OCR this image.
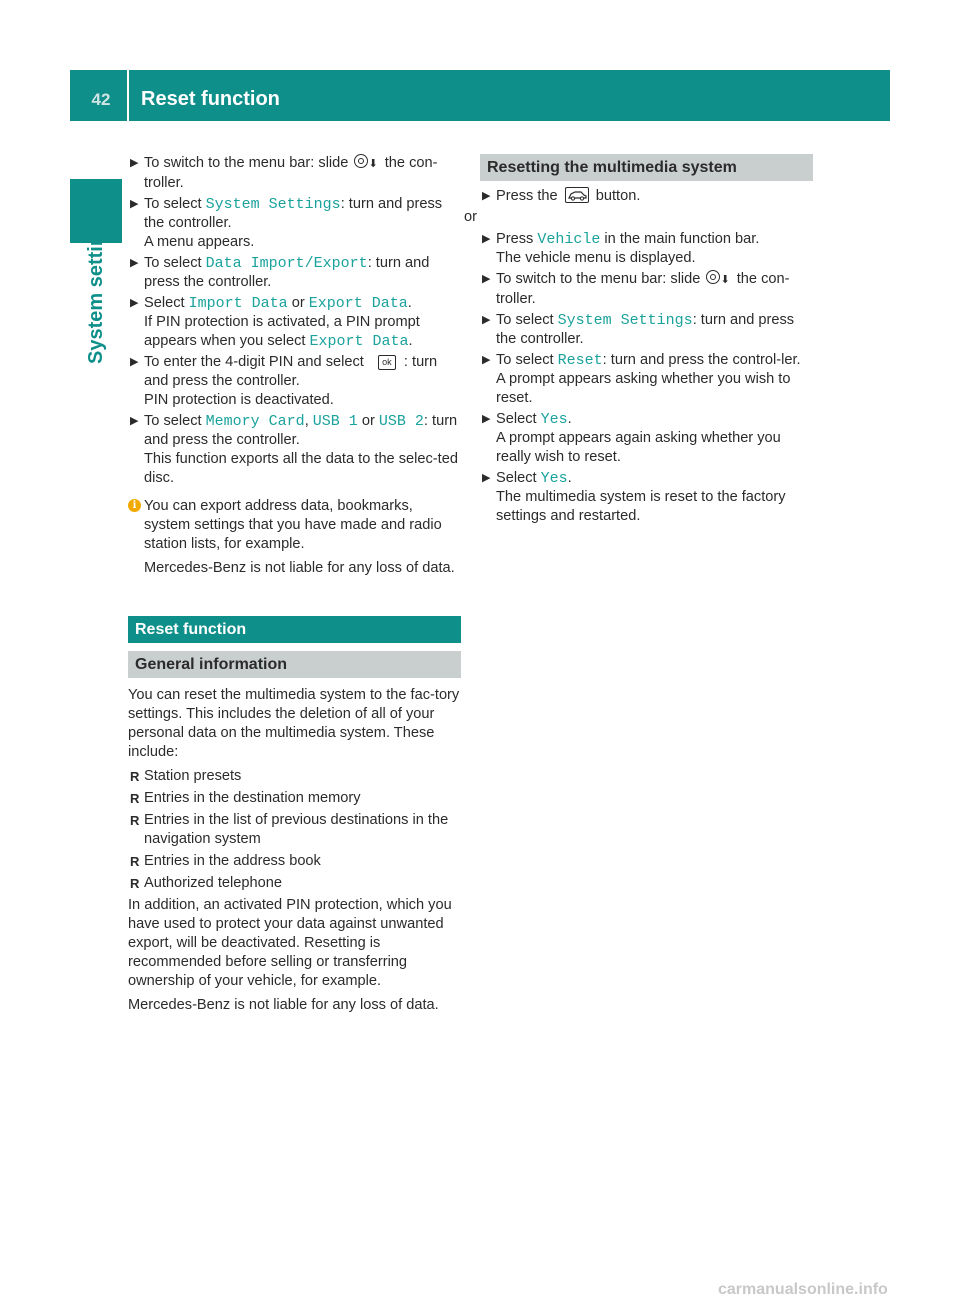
42	Reset function
System settings
▶ To switch to the menu bar: slide ⬇ the con-troller.
▶ To select System Settings: turn and press the controller.
A menu appears.
▶ To select Data Import/Export: turn and press the controller.
▶ Select Import Data or Export Data.
If PIN protection is activated, a PIN prompt appears when you select Export Data.
▶ To enter the 4-digit PIN and select ok : turn and press the controller.
PIN protection is deactivated.
▶ To select Memory Card, USB 1 or USB 2: turn and press the controller.
This function exports all the data to the selec-ted disc.
i You can export address data, bookmarks, system settings that you have made and radio station lists, for example.

Mercedes-Benz is not liable for any loss of data.

Reset function
General information
You can reset the multimedia system to the fac-tory settings. This includes the deletion of all of your personal data on the multimedia system. These include:
R Station presets
R Entries in the destination memory
R Entries in the list of previous destinations in the navigation system
R Entries in the address book
R Authorized telephone
In addition, an activated PIN protection, which you have used to protect your data against unwanted export, will be deactivated. Resetting is recommended before selling or transferring ownership of your vehicle, for example.
Mercedes-Benz is not liable for any loss of data.
Resetting the multimedia system
▶ Press the  button.
or
▶ Press Vehicle in the main function bar.
The vehicle menu is displayed.
▶ To switch to the menu bar: slide ⬇ the con-troller.
▶ To select System Settings: turn and press the controller.
▶ To select Reset: turn and press the control-ler.
A prompt appears asking whether you wish to reset.
▶ Select Yes.
A prompt appears again asking whether you really wish to reset.
▶ Select Yes.
The multimedia system is reset to the factory settings and restarted.
carmanualsonline.info
